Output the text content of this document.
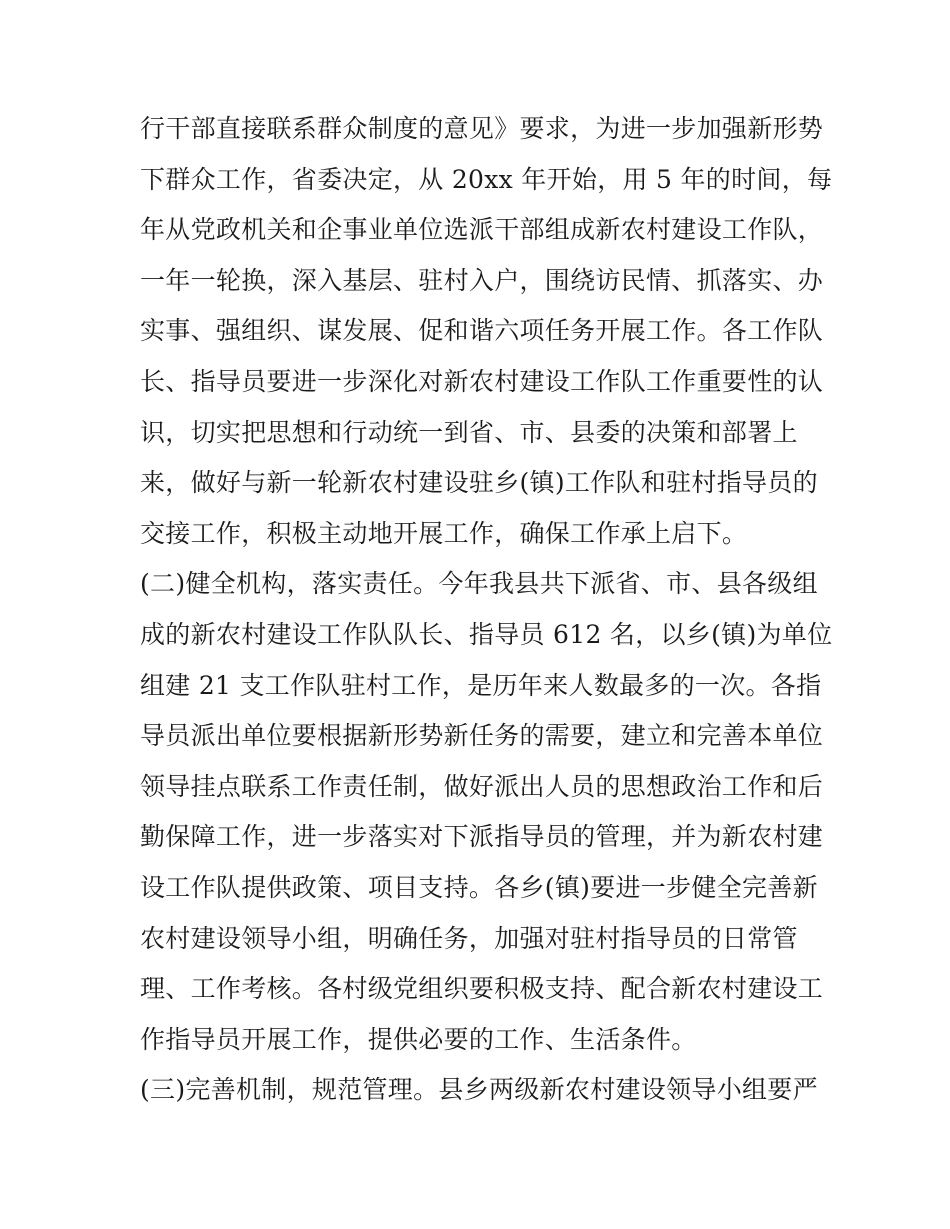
行干部直接联系群众制度的意见》要求，为进一步加强新形势
下群众工作，省委决定，从 20xx 年开始，用 5 年的时间，每
年从党政机关和企事业单位选派干部组成新农村建设工作队，
一年一轮换，深入基层、驻村入户，围绕访民情、抓落实、办
实事、强组织、谋发展、促和谐六项任务开展工作。各工作队
长、指导员要进一步深化对新农村建设工作队工作重要性的认
识，切实把思想和行动统一到省、市、县委的决策和部署上
来，做好与新一轮新农村建设驻乡(镇)工作队和驻村指导员的
交接工作，积极主动地开展工作，确保工作承上启下。
(二)健全机构，落实责任。今年我县共下派省、市、县各级组
成的新农村建设工作队队长、指导员 612 名，以乡(镇)为单位
组建 21 支工作队驻村工作，是历年来人数最多的一次。各指
导员派出单位要根据新形势新任务的需要，建立和完善本单位
领导挂点联系工作责任制，做好派出人员的思想政治工作和后
勤保障工作，进一步落实对下派指导员的管理，并为新农村建
设工作队提供政策、项目支持。各乡(镇)要进一步健全完善新
农村建设领导小组，明确任务，加强对驻村指导员的日常管
理、工作考核。各村级党组织要积极支持、配合新农村建设工
作指导员开展工作，提供必要的工作、生活条件。
(三)完善机制，规范管理。县乡两级新农村建设领导小组要严
